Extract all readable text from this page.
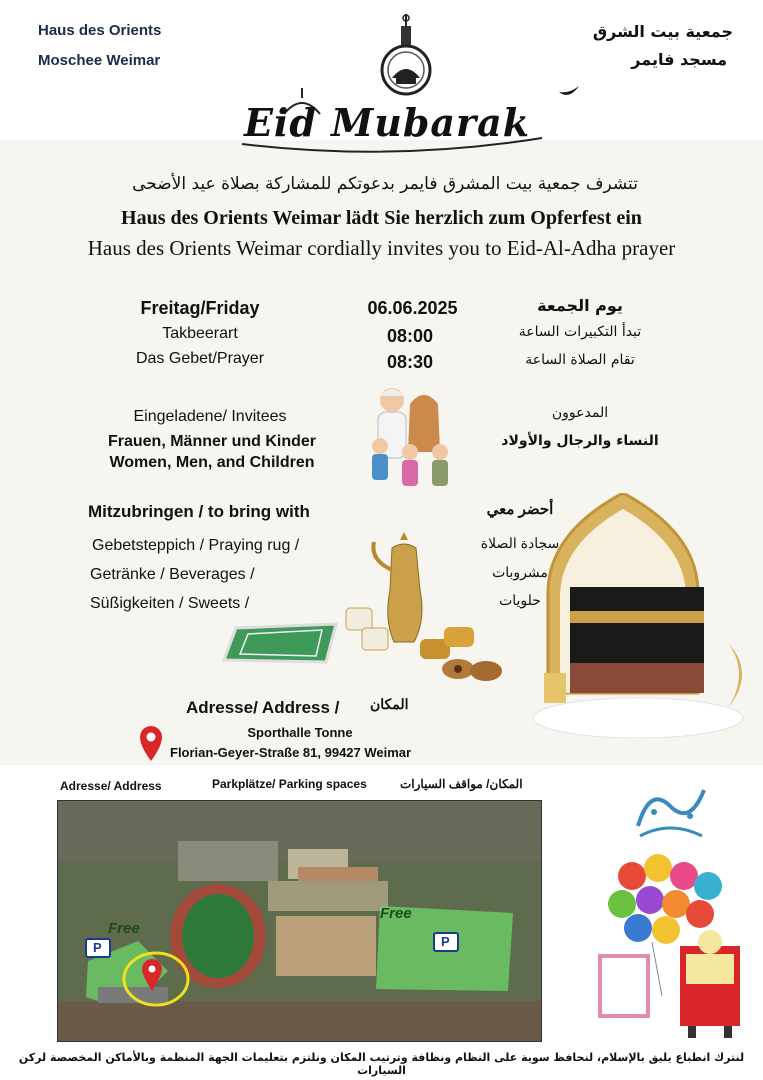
Haus des Orients
Moschee Weimar
جمعية بيت الشرق
مسجد فايمر
Eid Mubarak
تتشرف جمعية بيت المشرق فايمر بدعوتكم للمشاركة بصلاة عيد الأضحى
Haus des Orients Weimar lädt Sie herzlich zum Opferfest ein
Haus des Orients Weimar cordially invites you to Eid-Al-Adha prayer
Freitag/Friday	06.06.2025	يوم الجمعة
Takbeerart	08:00	تبدأ التكبيرات الساعة
Das Gebet/Prayer	08:30	تقام الصلاة الساعة
Eingeladene/ Invitees
Frauen, Männer und Kinder
Women, Men, and Children
المدعوون
النساء والرجال والأولاد
Mitzubringen / to bring with	أحضر معي
Gebetsteppich / Praying rug /
Getränke / Beverages /
Süßigkeiten / Sweets /
سجادة الصلاة
مشروبات
حلويات
Adresse/ Address / المكان
Sporthalle Tonne
Florian-Geyer-Straße 81, 99427 Weimar
Adresse/ Address	Parkplätze/ Parking spaces	المكان/ مواقف السيارات
Free
Free
P	P
لنترك انطباع يليق بالإسلام، لنحافظ سوية على النظام ونظافة وترتيب المكان ونلتزم بتعليمات الجهة المنظمة وبالأماكن المخصصة لركن السيارات
